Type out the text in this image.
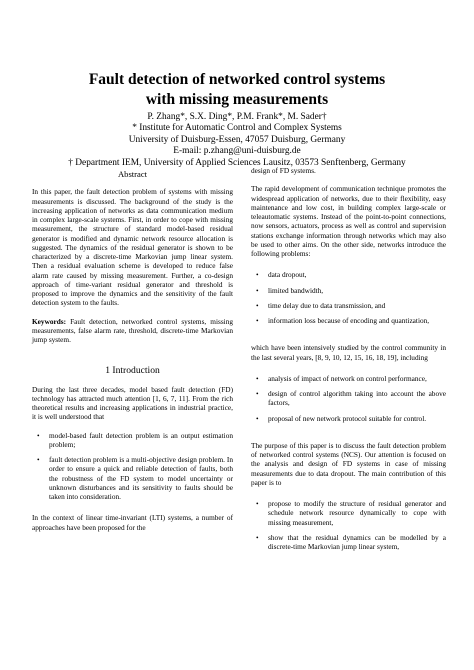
Fault detection of networked control systems
with missing measurements
P. Zhang*, S.X. Ding*, P.M. Frank*, M. Sader†
* Institute for Automatic Control and Complex Systems
University of Duisburg-Essen, 47057 Duisburg, Germany
E-mail: p.zhang@uni-duisburg.de
† Department IEM, University of Applied Sciences Lausitz, 03573 Senftenberg, Germany
Abstract

In this paper, the fault detection problem of systems with missing measurements is discussed. The background of the study is the increasing application of networks as data communication medium in complex large-scale systems. First, in order to cope with missing measurement, the structure of standard model-based residual generator is modified and dynamic network resource allocation is suggested. The dynamics of the residual generator is shown to be characterized by a discrete-time Markovian jump linear system. Then a residual evaluation scheme is developed to reduce false alarm rate caused by missing measurement. Further, a co-design approach of time-variant residual generator and threshold is proposed to improve the dynamics and the sensitivity of the fault detection system to the faults.

Keywords: Fault detection, networked control systems, missing measurements, false alarm rate, threshold, discrete-time Markovian jump system.

1 Introduction

During the last three decades, model based fault detection (FD) technology has attracted much attention [1, 6, 7, 11]. From the rich theoretical results and increasing applications in industrial practice, it is well understood that

• model-based fault detection problem is an output estimation problem;
• fault detection problem is a multi-objective design problem. In order to ensure a quick and reliable detection of faults, both the robustness of the FD system to model uncertainty or unknown disturbances and its sensitivity to faults should be taken into consideration.

In the context of linear time-invariant (LTI) systems, a number of approaches have been proposed for the

design of FD systems.

The rapid development of communication technique promotes the widespread application of networks, due to their flexibility, easy maintenance and low cost, in building complex large-scale or teleautomatic systems. Instead of the point-to-point connections, now sensors, actuators, process as well as control and supervision stations exchange information through networks which may also be used to other aims. On the other side, networks introduce the following problems:

• data dropout,
• limited bandwidth,
• time delay due to data transmission, and
• information loss because of encoding and quantization,

which have been intensively studied by the control community in the last several years, [8, 9, 10, 12, 15, 16, 18, 19], including

• analysis of impact of network on control performance,
• design of control algorithm taking into account the above factors,
• proposal of new network protocol suitable for control.

The purpose of this paper is to discuss the fault detection problem of networked control systems (NCS). Our attention is focused on the analysis and design of FD systems in case of missing measurements due to data dropout. The main contribution of this paper is to

• propose to modify the structure of residual generator and schedule network resource dynamically to cope with missing measurement,
• show that the residual dynamics can be modelled by a discrete-time Markovian jump linear system,
